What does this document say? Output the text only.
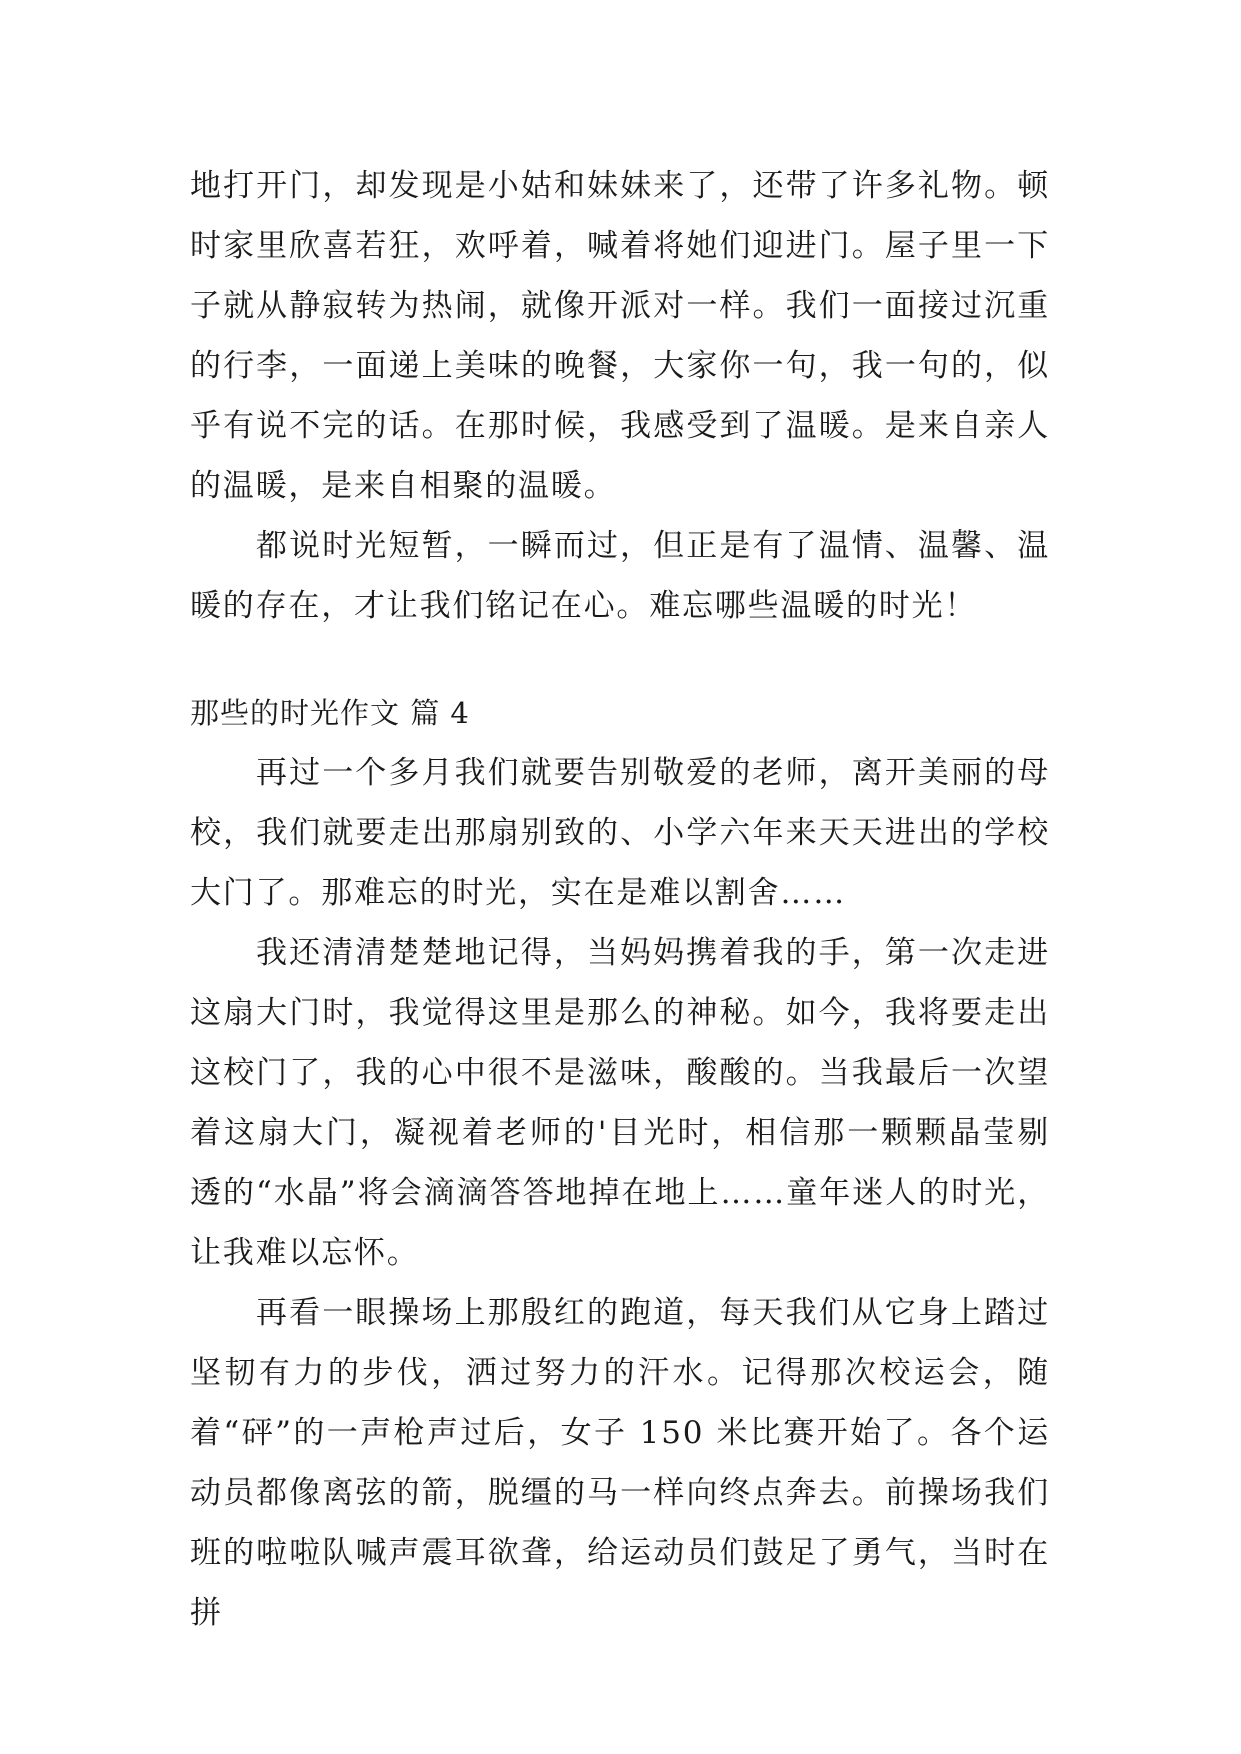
地打开门，却发现是小姑和妹妹来了，还带了许多礼物。顿时家里欣喜若狂，欢呼着，喊着将她们迎进门。屋子里一下子就从静寂转为热闹，就像开派对一样。我们一面接过沉重的行李，一面递上美味的晚餐，大家你一句，我一句的，似乎有说不完的话。在那时候，我感受到了温暖。是来自亲人的温暖，是来自相聚的温暖。

都说时光短暂，一瞬而过，但正是有了温情、温馨、温暖的存在，才让我们铭记在心。难忘哪些温暖的时光！

那些的时光作文 篇 4

再过一个多月我们就要告别敬爱的老师，离开美丽的母校，我们就要走出那扇别致的、小学六年来天天进出的学校大门了。那难忘的时光，实在是难以割舍……

我还清清楚楚地记得，当妈妈携着我的手，第一次走进这扇大门时，我觉得这里是那么的神秘。如今，我将要走出这校门了，我的心中很不是滋味，酸酸的。当我最后一次望着这扇大门，凝视着老师的'目光时，相信那一颗颗晶莹剔透的“水晶”将会滴滴答答地掉在地上……童年迷人的时光，让我难以忘怀。

再看一眼操场上那殷红的跑道，每天我们从它身上踏过坚韧有力的步伐，洒过努力的汗水。记得那次校运会，随着“砰”的一声枪声过后，女子 150 米比赛开始了。各个运动员都像离弦的箭，脱缰的马一样向终点奔去。前操场我们班的啦啦队喊声震耳欲聋，给运动员们鼓足了勇气，当时在拼
